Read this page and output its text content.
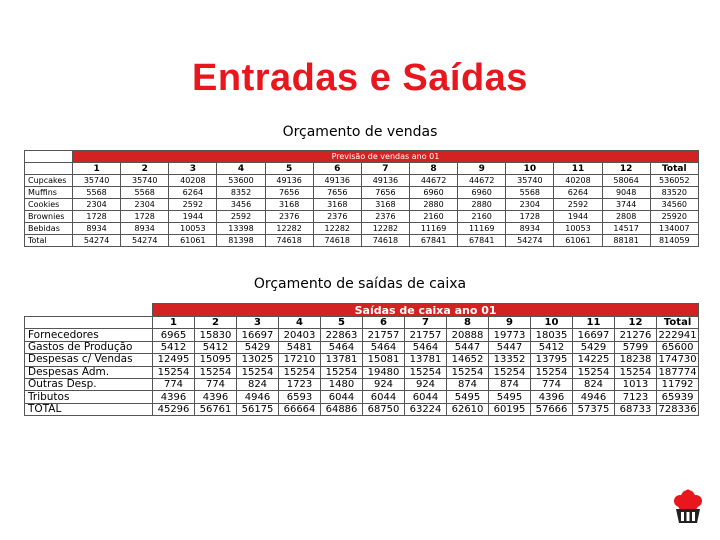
Entradas e Saídas
Orçamento de vendas
	Previsão de vendas ano 01												
	1	2	3	4	5	6	7	8	9	10	11	12	Total
Cupcakes	35740	35740	40208	53600	49136	49136	49136	44672	44672	35740	40208	58064	536052
Muffins	5568	5568	6264	8352	7656	7656	7656	6960	6960	5568	6264	9048	83520
Cookies	2304	2304	2592	3456	3168	3168	3168	2880	2880	2304	2592	3744	34560
Brownies	1728	1728	1944	2592	2376	2376	2376	2160	2160	1728	1944	2808	25920
Bebidas	8934	8934	10053	13398	12282	12282	12282	11169	11169	8934	10053	14517	134007
Total	54274	54274	61061	81398	74618	74618	74618	67841	67841	54274	61061	88181	814059
Orçamento de saídas de caixa
	Saídas de caixa ano 01												
	1	2	3	4	5	6	7	8	9	10	11	12	Total
Fornecedores	6965	15830	16697	20403	22863	21757	21757	20888	19773	18035	16697	21276	222941
Gastos de Produção	5412	5412	5429	5481	5464	5464	5464	5447	5447	5412	5429	5799	65600
Despesas c/ Vendas	12495	15095	13025	17210	13781	15081	13781	14652	13352	13795	14225	18238	174730
Despesas Adm.	15254	15254	15254	15254	15254	19480	15254	15254	15254	15254	15254	15254	187774
Outras Desp.	774	774	824	1723	1480	924	924	874	874	774	824	1013	11792
Tributos	4396	4396	4946	6593	6044	6044	6044	5495	5495	4396	4946	7123	65939
TOTAL	45296	56761	56175	66664	64886	68750	63224	62610	60195	57666	57375	68733	728336
